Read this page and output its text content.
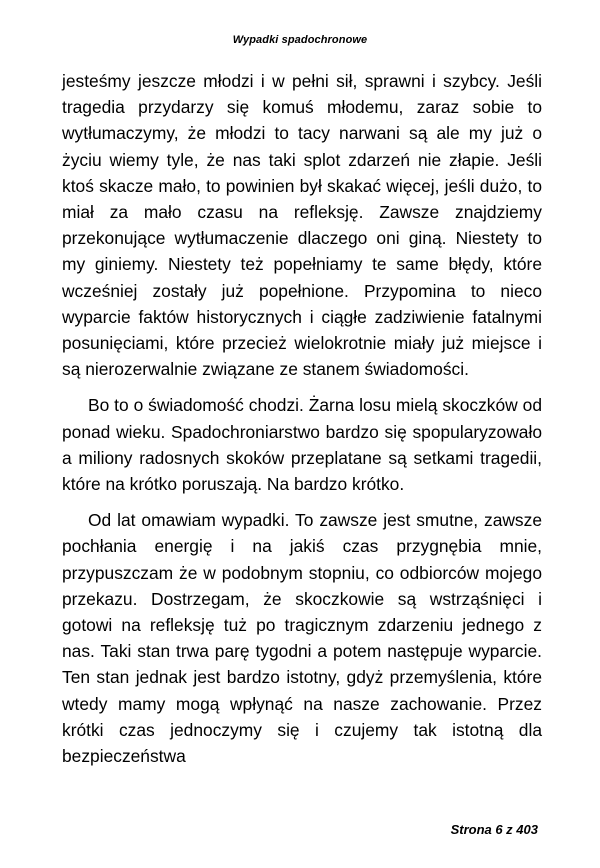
Wypadki spadochronowe

jesteśmy jeszcze młodzi i w pełni sił, sprawni i szybcy. Jeśli tragedia przydarzy się komuś młodemu, zaraz sobie to wytłumaczymy, że młodzi to tacy narwani są ale my już o życiu wiemy tyle, że nas taki splot zdarzeń nie złapie. Jeśli ktoś skacze mało, to powinien był skakać więcej, jeśli dużo, to miał za mało czasu na refleksję. Zawsze znajdziemy przekonujące wytłumaczenie dlaczego oni giną. Niestety to my giniemy. Niestety też popełniamy te same błędy, które wcześniej zostały już popełnione. Przypomina to nieco wyparcie faktów historycznych i ciągłe zadziwienie fatalnymi posunięciami, które przecież wielokrotnie miały już miejsce i są nierozerwalnie związane ze stanem świadomości.

Bo to o świadomość chodzi. Żarna losu mielą skoczków od ponad wieku. Spadochroniarstwo bardzo się spopularyzowało a miliony radosnych skoków przeplatane są setkami tragedii, które na krótko poruszają. Na bardzo krótko.

Od lat omawiam wypadki. To zawsze jest smutne, zawsze pochłania energię i na jakiś czas przygnębia mnie, przypuszczam że w podobnym stopniu, co odbiorców mojego przekazu. Dostrzegam, że skoczkowie są wstrząśnięci i gotowi na refleksję tuż po tragicznym zdarzeniu jednego z nas. Taki stan trwa parę tygodni a potem następuje wyparcie. Ten stan jednak jest bardzo istotny, gdyż przemyślenia, które wtedy mamy mogą wpłynąć na nasze zachowanie. Przez krótki czas jednoczymy się i czujemy tak istotną dla bezpieczeństwa

Strona 6 z 403
